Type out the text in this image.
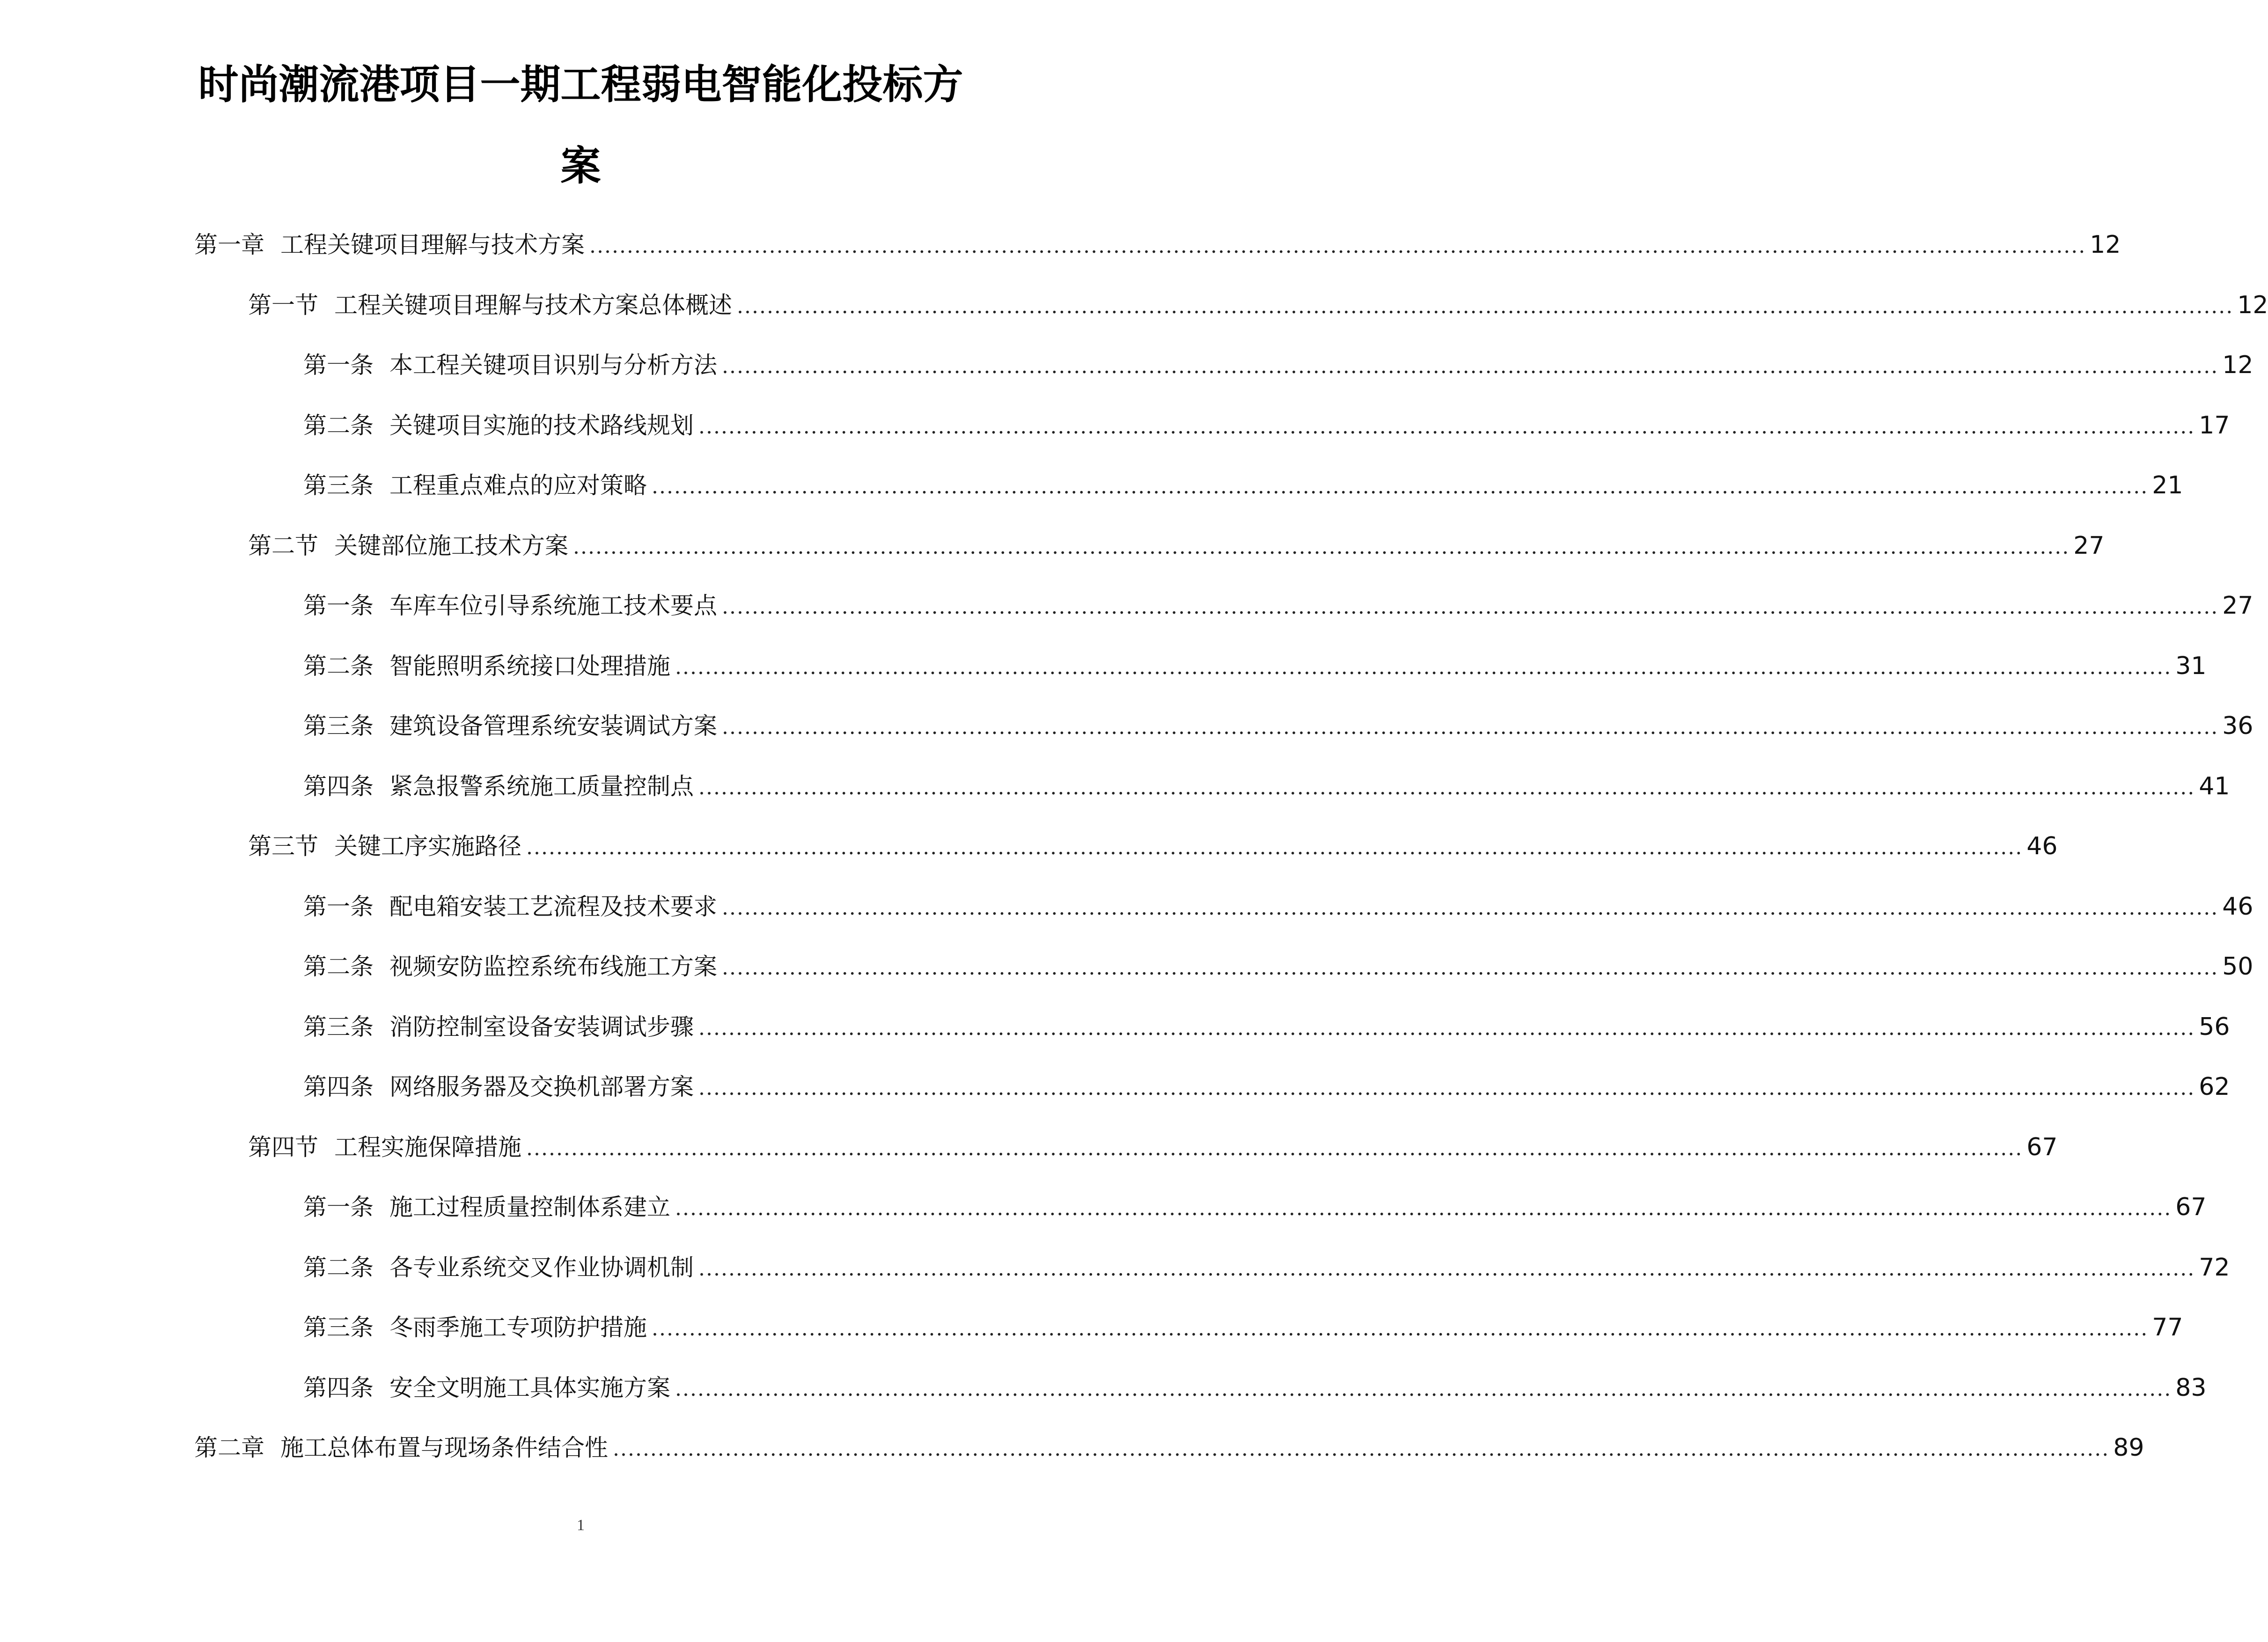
时尚潮流港项目一期工程弱电智能化投标方
案
第一章 工程关键项目理解与技术方案 ........................................................................................................................................................................................................ 12
第一节 工程关键项目理解与技术方案总体概述 ........................................................................................................................................................................................................ 12
第一条 本工程关键项目识别与分析方法 ........................................................................................................................................................................................................ 12
第二条 关键项目实施的技术路线规划 ........................................................................................................................................................................................................ 17
第三条 工程重点难点的应对策略 ........................................................................................................................................................................................................ 21
第二节 关键部位施工技术方案 ........................................................................................................................................................................................................ 27
第一条 车库车位引导系统施工技术要点 ........................................................................................................................................................................................................ 27
第二条 智能照明系统接口处理措施 ........................................................................................................................................................................................................ 31
第三条 建筑设备管理系统安装调试方案 ........................................................................................................................................................................................................ 36
第四条 紧急报警系统施工质量控制点 ........................................................................................................................................................................................................ 41
第三节 关键工序实施路径 ........................................................................................................................................................................................................ 46
第一条 配电箱安装工艺流程及技术要求 ........................................................................................................................................................................................................ 46
第二条 视频安防监控系统布线施工方案 ........................................................................................................................................................................................................ 50
第三条 消防控制室设备安装调试步骤 ........................................................................................................................................................................................................ 56
第四条 网络服务器及交换机部署方案 ........................................................................................................................................................................................................ 62
第四节 工程实施保障措施 ........................................................................................................................................................................................................ 67
第一条 施工过程质量控制体系建立 ........................................................................................................................................................................................................ 67
第二条 各专业系统交叉作业协调机制 ........................................................................................................................................................................................................ 72
第三条 冬雨季施工专项防护措施 ........................................................................................................................................................................................................ 77
第四条 安全文明施工具体实施方案 ........................................................................................................................................................................................................ 83
第二章 施工总体布置与现场条件结合性 ........................................................................................................................................................................................................ 89
1
